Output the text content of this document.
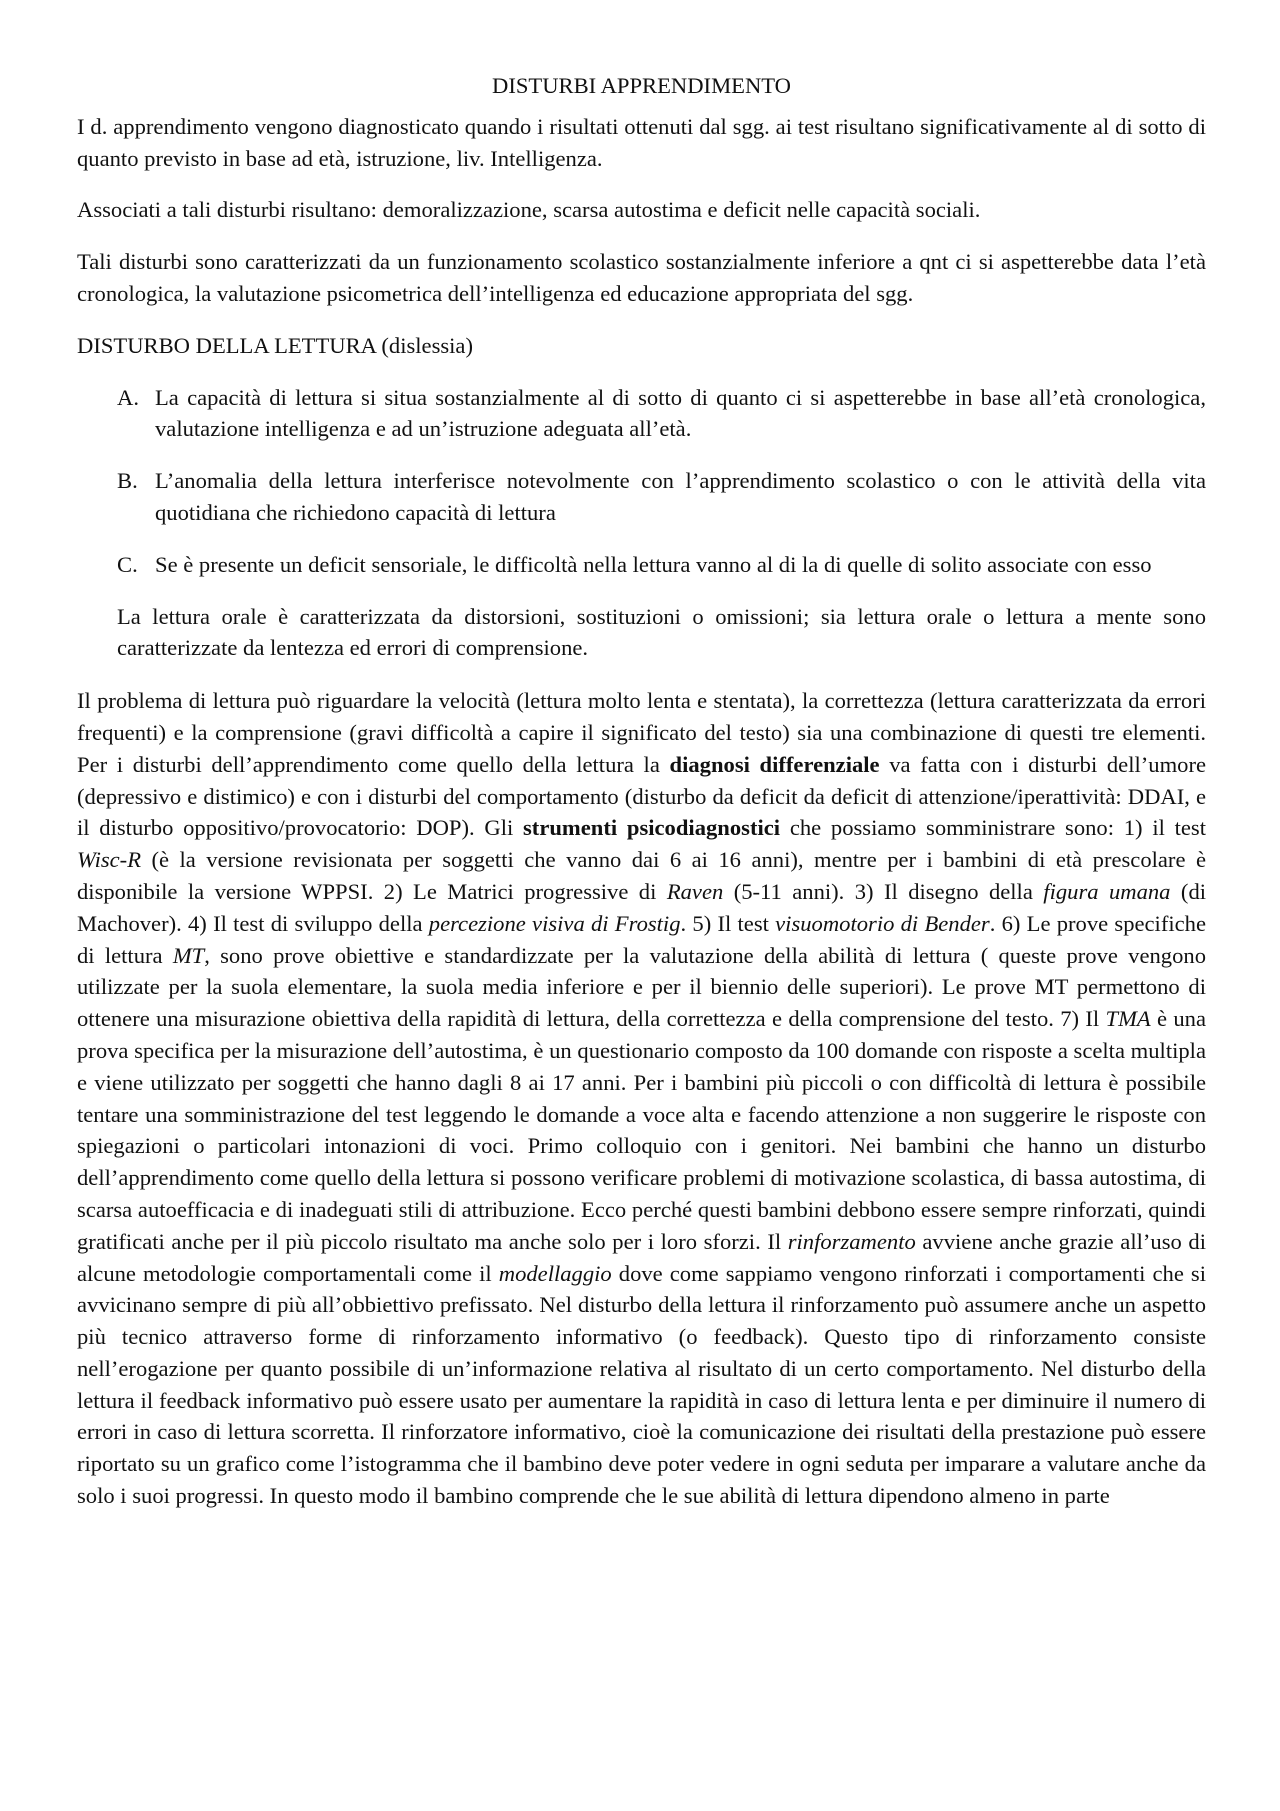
DISTURBI APPRENDIMENTO

I d. apprendimento vengono diagnosticato quando i risultati ottenuti dal sgg. ai test risultano significativamente al di sotto di quanto previsto in base ad età, istruzione, liv. Intelligenza.

Associati a tali disturbi risultano: demoralizzazione, scarsa autostima e deficit nelle capacità sociali.

Tali disturbi sono caratterizzati da un funzionamento scolastico sostanzialmente inferiore a qnt ci si aspetterebbe data l’età cronologica, la valutazione psicometrica dell’intelligenza ed educazione appropriata del sgg.

DISTURBO DELLA LETTURA (dislessia)
A. La capacità di lettura si situa sostanzialmente al di sotto di quanto ci si aspetterebbe in base all’età cronologica, valutazione intelligenza e ad un’istruzione adeguata all’età.
B. L’anomalia della lettura interferisce notevolmente con l’apprendimento scolastico o con le attività della vita quotidiana che richiedono capacità di lettura
C. Se è presente un deficit sensoriale, le difficoltà nella lettura vanno al di la di quelle di solito associate con esso
La lettura orale è caratterizzata da distorsioni, sostituzioni o omissioni; sia lettura orale o lettura a mente sono caratterizzate da lentezza ed errori di comprensione.

Il problema di lettura può riguardare la velocità (lettura molto lenta e stentata), la correttezza (lettura caratterizzata da errori frequenti) e la comprensione (gravi difficoltà a capire il significato del testo) sia una combinazione di questi tre elementi. Per i disturbi dell’apprendimento come quello della lettura la diagnosi differenziale va fatta con i disturbi dell’umore (depressivo e distimico) e con i disturbi del comportamento (disturbo da deficit da deficit di attenzione/iperattività: DDAI, e il disturbo oppositivo/provocatorio: DOP). Gli strumenti psicodiagnostici che possiamo somministrare sono: 1) il test Wisc-R (è la versione revisionata per soggetti che vanno dai 6 ai 16 anni), mentre per i bambini di età prescolare è disponibile la versione WPPSI. 2) Le Matrici progressive di Raven (5-11 anni). 3) Il disegno della figura umana (di Machover). 4) Il test di sviluppo della percezione visiva di Frostig. 5) Il test visuomotorio di Bender. 6) Le prove specifiche di lettura MT, sono prove obiettive e standardizzate per la valutazione della abilità di lettura ( queste prove vengono utilizzate per la suola elementare, la suola media inferiore e per il biennio delle superiori). Le prove MT permettono di ottenere una misurazione obiettiva della rapidità di lettura, della correttezza e della comprensione del testo. 7) Il TMA è una prova specifica per la misurazione dell’autostima, è un questionario composto da 100 domande con risposte a scelta multipla e viene utilizzato per soggetti che hanno dagli 8 ai 17 anni. Per i bambini più piccoli o con difficoltà di lettura è possibile tentare una somministrazione del test leggendo le domande a voce alta e facendo attenzione a non suggerire le risposte con spiegazioni o particolari intonazioni di voci. Primo colloquio con i genitori. Nei bambini che hanno un disturbo dell’apprendimento come quello della lettura si possono verificare problemi di motivazione scolastica, di bassa autostima, di scarsa autoefficacia e di inadeguati stili di attribuzione. Ecco perché questi bambini debbono essere sempre rinforzati, quindi gratificati anche per il più piccolo risultato ma anche solo per i loro sforzi. Il rinforzamento avviene anche grazie all’uso di alcune metodologie comportamentali come il modellaggio dove come sappiamo vengono rinforzati i comportamenti che si avvicinano sempre di più all’obbiettivo prefissato. Nel disturbo della lettura il rinforzamento può assumere anche un aspetto più tecnico attraverso forme di rinforzamento informativo (o feedback). Questo tipo di rinforzamento consiste nell’erogazione per quanto possibile di un’informazione relativa al risultato di un certo comportamento. Nel disturbo della lettura il feedback informativo può essere usato per aumentare la rapidità in caso di lettura lenta e per diminuire il numero di errori in caso di lettura scorretta. Il rinforzatore informativo, cioè la comunicazione dei risultati della prestazione può essere riportato su un grafico come l’istogramma che il bambino deve poter vedere in ogni seduta per imparare a valutare anche da solo i suoi progressi. In questo modo il bambino comprende che le sue abilità di lettura dipendono almeno in parte
